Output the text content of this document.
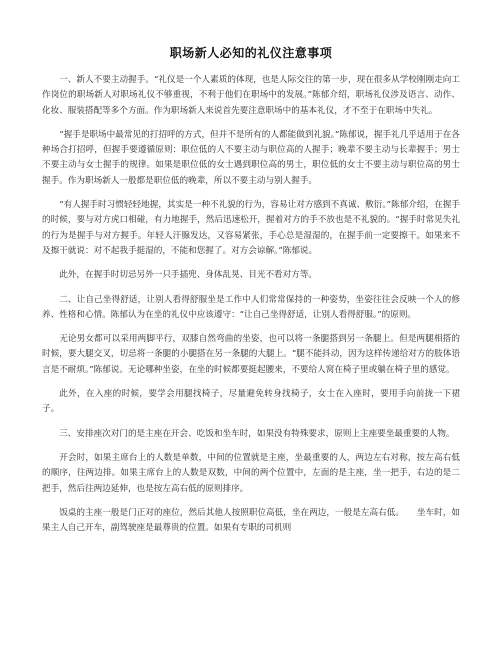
职场新人必知的礼仪注意事项

一、新人不要主动握手。“礼仪是一个人素质的体现，也是人际交往的第一步，现在很多从学校刚刚走向工作岗位的职场新人对职场礼仪不够重视，不利于他们在职场中的发展。”陈郁介绍，职场礼仪涉及语言、动作、化妆、服装搭配等多个方面。作为职场新人来说首先要注意职场中的基本礼仪，才不至于在职场中失礼。

“握手是职场中最常见的打招呼的方式，但并不是所有的人都能做到礼貌。”陈郁说，握手礼几乎适用于在各种场合打招呼，但握手要遵循原则：职位低的人不要主动与职位高的人握手；晚辈不要主动与长辈握手；男士不要主动与女士握手的规律。如果是职位低的女士遇到职位高的男士，职位低的女士不要主动与职位高的男士握手。作为职场新人一般都是职位低的晚辈，所以不要主动与别人握手。

“有人握手时习惯轻轻地握，其实是一种不礼貌的行为，容易让对方感到不真诚、敷衍。”陈郁介绍，在握手的时候，要与对方虎口相碰，有力地握手，然后迅速松开，握着对方的手不放也是不礼貌的。“握手时常见失礼的行为是握手与对方握手。年轻人汗腺发达，又容易紧张，手心总是湿湿的，在握手前一定要擦干。如果来不及擦干就说：对不起我手挺湿的，不能和您握了。对方会谅解。”陈郁说。

此外，在握手时切忌另外一只手插兜、身体乱晃、目光不看对方等。

二、让自己坐得舒适，让别人看得舒服坐是工作中人们常常保持的一种姿势，坐姿往往会反映一个人的修养、性格和心情。陈郁认为在坐的礼仪中应该遵守：“让自己坐得舒适，让别人看得舒服。”的原则。

无论男女都可以采用两脚平行，双膝自然弯曲的坐姿，也可以将一条腿搭到另一条腿上。但是两腿相搭的时候，要大腿交叉，切忌将一条腿的小腿搭在另一条腿的大腿上。“腿不能抖动，因为这样传递给对方的肢体语言是不耐烦。”陈郁说。无论哪种坐姿，在坐的时候都要挺起腰来，不要给人窝在椅子里或躺在椅子里的感觉。

此外，在入座的时候，要学会用腿找椅子，尽量避免转身找椅子，女士在入座时，要用手向前拢一下裙子。

三、安排座次对门的是主座在开会、吃饭和坐车时，如果没有特殊要求，原则上主座要坐最重要的人物。

开会时，如果主席台上的人数是单数，中间的位置就是主座，坐最重要的人，两边左右对称，按左高右低的顺序，往两边排。如果主席台上的人数是双数，中间的两个位置中，左面的是主座，坐一把手，右边的是二把手，然后往两边延伸，也是按左高右低的原则排序。

饭桌的主座一般是门正对的座位，然后其他人按照职位高低，坐在两边，一般是左高右低。　　坐车时，如果主人自己开车，副驾驶座是最尊贵的位置。如果有专职的司机则
